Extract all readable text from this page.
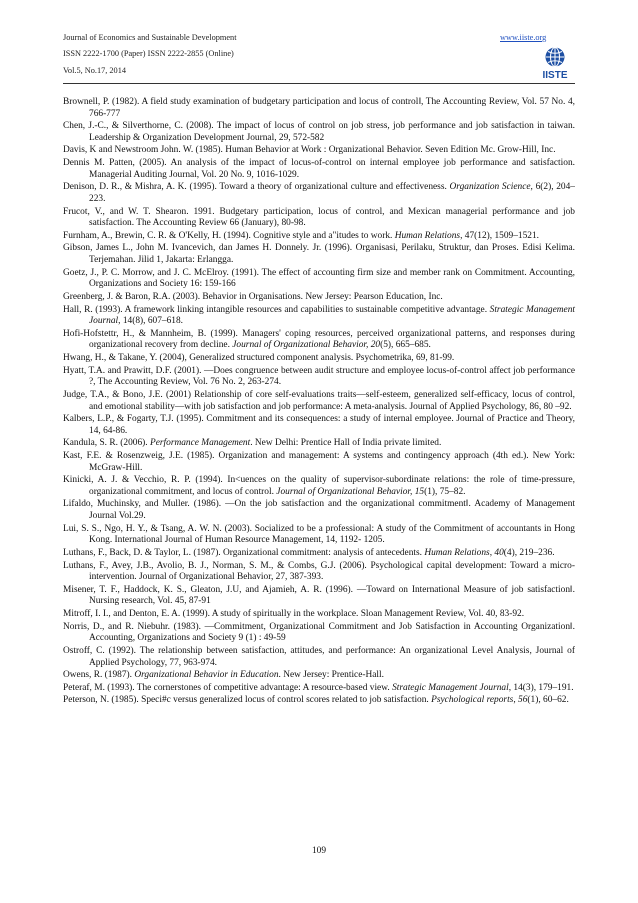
Journal of Economics and Sustainable Development
ISSN 2222-1700 (Paper) ISSN 2222-2855 (Online)
Vol.5, No.17, 2014
www.iiste.org
IISTE
Brownell, P. (1982). A field study examination of budgetary participation and locus of control‖, The Accounting Review, Vol. 57 No. 4, 766-777
Chen, J.-C., & Silverthorne, C. (2008). The impact of locus of control on job stress, job performance and job satisfaction in taiwan. Leadership & Organization Development Journal, 29, 572-582
Davis, K and Newstroom John. W. (1985). Human Behavior at Work : Organizational Behavior. Seven Edition Mc. Grow-Hill, Inc.
Dennis M. Patten, (2005). An analysis of the impact of locus-of-control on internal employee job performance and satisfaction. Managerial Auditing Journal, Vol. 20 No. 9, 1016-1029.
Denison, D. R., & Mishra, A. K. (1995). Toward a theory of organizational culture and effectiveness. Organization Science, 6(2), 204–223.
Frucot, V., and W. T. Shearon. 1991. Budgetary participation, locus of control, and Mexican managerial performance and job satisfaction. The Accounting Review 66 (January), 80-98.
Furnham, A., Brewin, C. R. & O'Kelly, H. (1994). Cognitive style and a"itudes to work. Human Relations, 47(12), 1509–1521.
Gibson, James L., John M. Ivancevich, dan James H. Donnely. Jr. (1996). Organisasi, Perilaku, Struktur, dan Proses. Edisi Kelima. Terjemahan. Jilid 1, Jakarta: Erlangga.
Goetz, J., P. C. Morrow, and J. C. McElroy. (1991). The effect of accounting firm size and member rank on Commitment. Accounting, Organizations and Society 16: 159-166
Greenberg, J. & Baron, R.A. (2003). Behavior in Organisations. New Jersey: Pearson Education, Inc.
Hall, R. (1993). A framework linking intangible resources and capabilities to sustainable competitive advantage. Strategic Management Journal, 14(8), 607–618.
Hofi-Hofstettr, H., & Mannheim, B. (1999). Managers' coping resources, perceived organizational patterns, and responses during organizational recovery from decline. Journal of Organizational Behavior, 20(5), 665–685.
Hwang, H., & Takane, Y. (2004), Generalized structured component analysis. Psychometrika, 69, 81-99.
Hyatt, T.A. and Prawitt, D.F. (2001). ―Does congruence between audit structure and employee locus-of-control affect job performance ?, The Accounting Review, Vol. 76 No. 2, 263-274.
Judge, T.A., & Bono, J.E. (2001) Relationship of core self-evaluations traits—self-esteem, generalized self-efficacy, locus of control, and emotional stability—with job satisfaction and job performance: A meta-analysis. Journal of Applied Psychology, 86, 80 –92.
Kalbers, L.P., & Fogarty, T.J. (1995). Commitment and its consequences: a study of internal employee. Journal of Practice and Theory, 14, 64-86.
Kandula, S. R. (2006). Performance Management. New Delhi: Prentice Hall of India private limited.
Kast, F.E. & Rosenzweig, J.E. (1985). Organization and management: A systems and contingency approach (4th ed.). New York: McGraw-Hill.
Kinicki, A. J. & Vecchio, R. P. (1994). In<uences on the quality of supervisor-subordinate relations: the role of time-pressure, organizational commitment, and locus of control. Journal of Organizational Behavior, 15(1), 75–82.
Lifaldo, Muchinsky, and Muller. (1986). ―On the job satisfaction and the organizational commitment‖. Academy of Management Journal Vol.29.
Lui, S. S., Ngo, H. Y., & Tsang, A. W. N. (2003). Socialized to be a professional: A study of the Commitment of accountants in Hong Kong. International Journal of Human Resource Management, 14, 1192- 1205.
Luthans, F., Back, D. & Taylor, L. (1987). Organizational commitment: analysis of antecedents. Human Relations, 40(4), 219–236.
Luthans, F., Avey, J.B., Avolio, B. J., Norman, S. M., & Combs, G.J. (2006). Psychological capital development: Toward a micro-intervention. Journal of Organizational Behavior, 27, 387-393.
Misener, T. F., Haddock, K. S., Gleaton, J.U, and Ajamieh, A. R. (1996). ―Toward on International Measure of job satisfaction‖. Nursing research, Vol. 45, 87-91
Mitroff, I. I., and Denton, E. A. (1999). A study of spiritually in the workplace. Sloan Management Review, Vol. 40, 83-92.
Norris, D., and R. Niebuhr. (1983). ―Commitment, Organizational Commitment and Job Satisfaction in Accounting Organization‖. Accounting, Organizations and Society 9 (1) : 49-59
Ostroff, C. (1992). The relationship between satisfaction, attitudes, and performance: An organizational Level Analysis, Journal of Applied Psychology, 77, 963-974.
Owens, R. (1987). Organizational Behavior in Education. New Jersey: Prentice-Hall.
Peteraf, M. (1993). The cornerstones of competitive advantage: A resource-based view. Strategic Management Journal, 14(3), 179–191.
Peterson, N. (1985). Speci#c versus generalized locus of control scores related to job satisfaction. Psychological reports, 56(1), 60–62.
109
